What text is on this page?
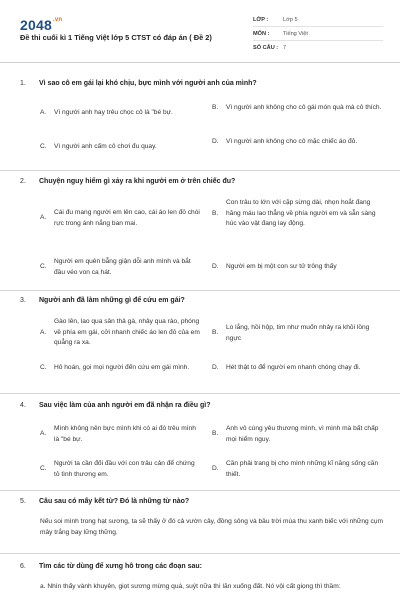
$2048^{.vn}$
Đề thi cuối kì 1 Tiếng Việt lớp 5 CTST có đáp án ( Đề 2)
LỚP :	Lớp 5
MÔN :	Tiếng Việt
SỐ CÂU : 7
1. Vì sao cô em gái lại khó chịu, bực mình với người anh của mình?
A.	Vì người anh hay trêu chọc cô là "bé bự.
B.	Vì người anh không cho cô gái món quà mà cô thích.
C.	Vì người anh cấm cô chơi đu quay.
D.	Vì người anh không cho cô mặc chiếc áo đỏ.
2. Chuyện nguy hiểm gì xảy ra khi người em ở trên chiếc đu?
A.
Cái đu mang người em lên cao, cái áo len đỏ chói rực trong ánh nắng ban mai.
B.
Con trâu to lớn với cặp sừng dài, nhọn hoắt đang hăng máu lao thẳng về phía người em và sẵn sàng húc vào vật đang lay động.
C.
Người em quên bẵng giận dỗi anh mình và bắt đầu véo von ca hát.
D.	Người em bị một con sư tử trông thấy
3. Người anh đã làm những gì để cứu em gái?
A.
Gào lên, lao qua sân thả gà, nhảy qua rào, phóng về phía em gái, cởi nhanh chiếc áo len đỏ của em quẳng ra xa.
B.
Lo lắng, hồi hộp, tim như muốn nhảy ra khỏi lồng ngực
C.	Hô hoán, gọi mọi người đến cứu em gái mình.	D.	Hét thật to để người em nhanh chóng chạy đi.
4. Sau việc làm của anh người em đã nhận ra điều gì?
A.
Mình không nên bực mình khi có ai đó trêu mình là "bé bự.
B.
Anh vô cùng yêu thương mình, vì mình mà bất chấp mọi hiểm nguy.
C.
Người ta cần đối đầu với con trâu cản để chứng tỏ tình thương em.
D.
Cần phải trang bị cho mình những kĩ năng sống cần thiết.
5. Câu sau có mấy kết từ? Đó là những từ nào?
Nếu soi mình trong hạt sương, ta sẽ thấy ở đó cả vườn cây, đồng sông và bầu trời mùa thu xanh biếc với những cụm mây trắng bay lững thững.
6. Tìm các từ dùng để xưng hô trong các đoạn sau:
a. Nhìn thấy vành khuyên, giọt sương mừng quá, suýt nữa thì lăn xuống đất. Nó vội cất giọng thì thầm:
